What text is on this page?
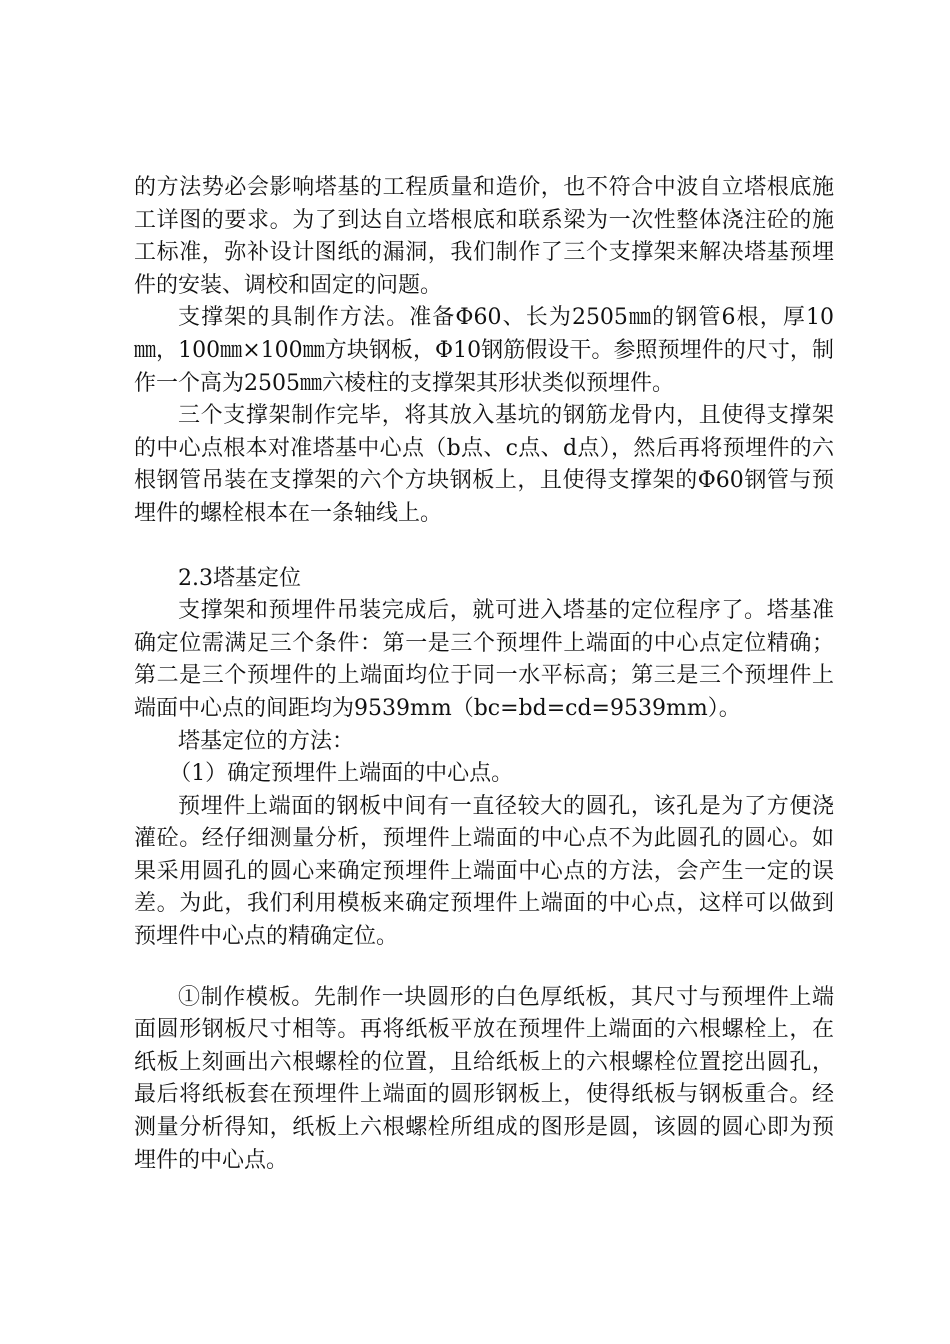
的方法势必会影响塔基的工程质量和造价，也不符合中波自立塔根底施工详图的要求。为了到达自立塔根底和联系梁为一次性整体浇注砼的施工标准，弥补设计图纸的漏洞，我们制作了三个支撑架来解决塔基预埋件的安装、调校和固定的问题。

支撑架的具制作方法。准备Φ60、长为2505㎜的钢管6根，厚10㎜，100㎜×100㎜方块钢板，Φ10钢筋假设干。参照预埋件的尺寸，制作一个高为2505㎜六棱柱的支撑架其形状类似预埋件。

三个支撑架制作完毕，将其放入基坑的钢筋龙骨内，且使得支撑架的中心点根本对准塔基中心点（b点、c点、d点），然后再将预埋件的六根钢管吊装在支撑架的六个方块钢板上，且使得支撑架的Φ60钢管与预埋件的螺栓根本在一条轴线上。

2.3塔基定位

支撑架和预埋件吊装完成后，就可进入塔基的定位程序了。塔基准确定位需满足三个条件：第一是三个预埋件上端面的中心点定位精确；第二是三个预埋件的上端面均位于同一水平标高；第三是三个预埋件上端面中心点的间距均为9539mm（bc=bd=cd=9539mm）。

塔基定位的方法：

（1）确定预埋件上端面的中心点。

预埋件上端面的钢板中间有一直径较大的圆孔，该孔是为了方便浇灌砼。经仔细测量分析，预埋件上端面的中心点不为此圆孔的圆心。如果采用圆孔的圆心来确定预埋件上端面中心点的方法，会产生一定的误差。为此，我们利用模板来确定预埋件上端面的中心点，这样可以做到预埋件中心点的精确定位。

①制作模板。先制作一块圆形的白色厚纸板，其尺寸与预埋件上端面圆形钢板尺寸相等。再将纸板平放在预埋件上端面的六根螺栓上，在纸板上刻画出六根螺栓的位置，且给纸板上的六根螺栓位置挖出圆孔，最后将纸板套在预埋件上端面的圆形钢板上，使得纸板与钢板重合。经测量分析得知，纸板上六根螺栓所组成的图形是圆，该圆的圆心即为预埋件的中心点。
